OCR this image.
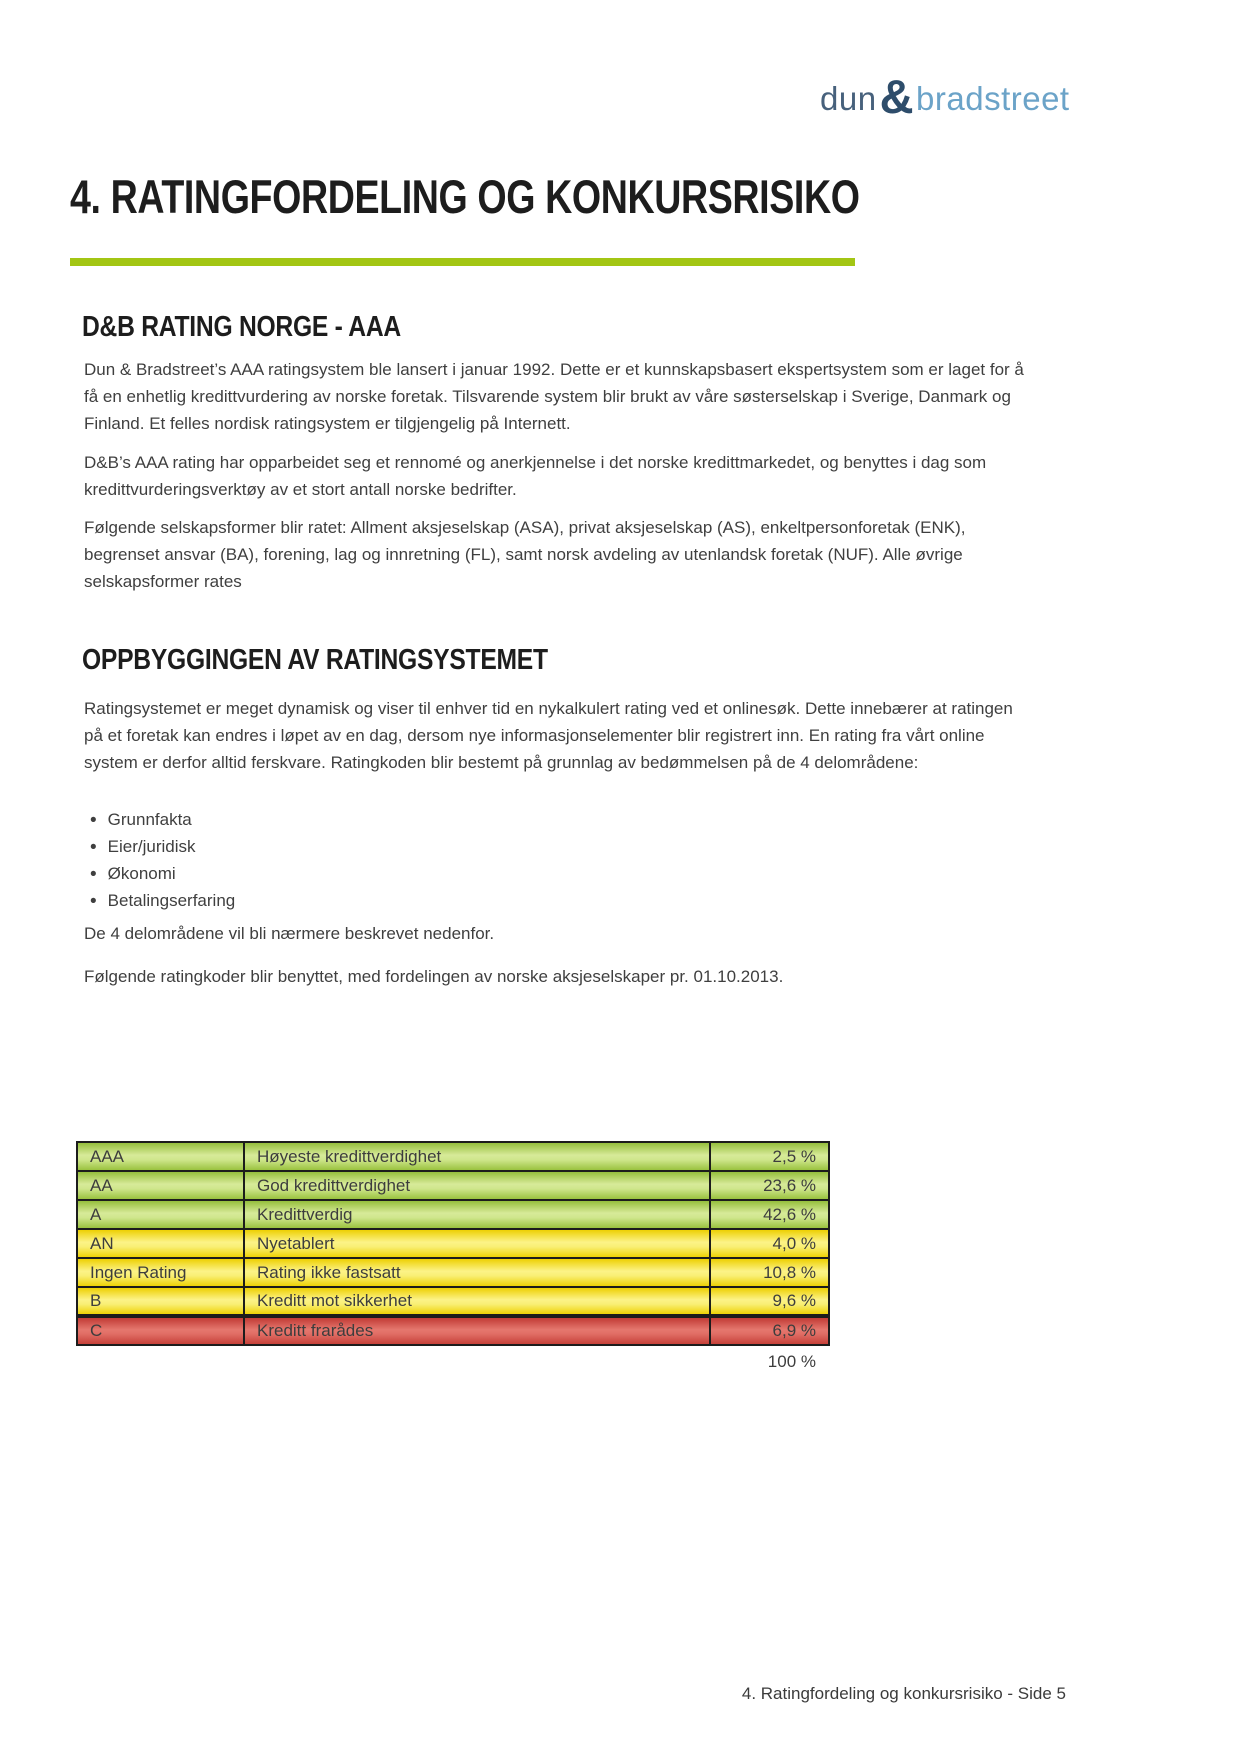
dun&bradstreet
4. RATINGFORDELING OG KONKURSRISIKO
D&B RATING NORGE - AAA

Dun & Bradstreet’s AAA ratingsystem ble lansert i januar 1992. Dette er et kunnskapsbasert ekspertsystem som er laget for å få en enhetlig kredittvurdering av norske foretak. Tilsvarende system blir brukt av våre søsterselskap i Sverige, Danmark og Finland. Et felles nordisk ratingsystem er tilgjengelig på Internett.

D&B’s AAA rating har opparbeidet seg et rennomé og anerkjennelse i det norske kredittmarkedet, og benyttes i dag som kredittvurderingsverktøy av et stort antall norske bedrifter.

Følgende selskapsformer blir ratet: Allment aksjeselskap (ASA), privat aksjeselskap (AS), enkeltpersonforetak (ENK), begrenset ansvar (BA), forening, lag og innretning (FL), samt norsk avdeling av utenlandsk foretak (NUF). Alle øvrige selskapsformer rates

OPPBYGGINGEN AV RATINGSYSTEMET

Ratingsystemet er meget dynamisk og viser til enhver tid en nykalkulert rating ved et onlinesøk. Dette innebærer at ratingen på et foretak kan endres i løpet av en dag, dersom nye informasjonselementer blir registrert inn. En rating fra vårt online system er derfor alltid ferskvare. Ratingkoden blir bestemt på grunnlag av bedømmelsen på de 4 delområdene:

• Grunnfakta
• Eier/juridisk
• Økonomi
• Betalingserfaring

De 4 delområdene vil bli nærmere beskrevet nedenfor.

Følgende ratingkoder blir benyttet, med fordelingen av norske aksjeselskaper pr. 01.10.2013.

AAA	Høyeste kredittverdighet	2,5 %
AA	God kredittverdighet	23,6 %
A	Kredittverdig	42,6 %
AN	Nyetablert	4,0 %
Ingen Rating	Rating ikke fastsatt	10,8 %
B	Kreditt mot sikkerhet	9,6 %
C	Kreditt frarådes	6,9 %
100 %
4. Ratingfordeling og konkursrisiko - Side 5
